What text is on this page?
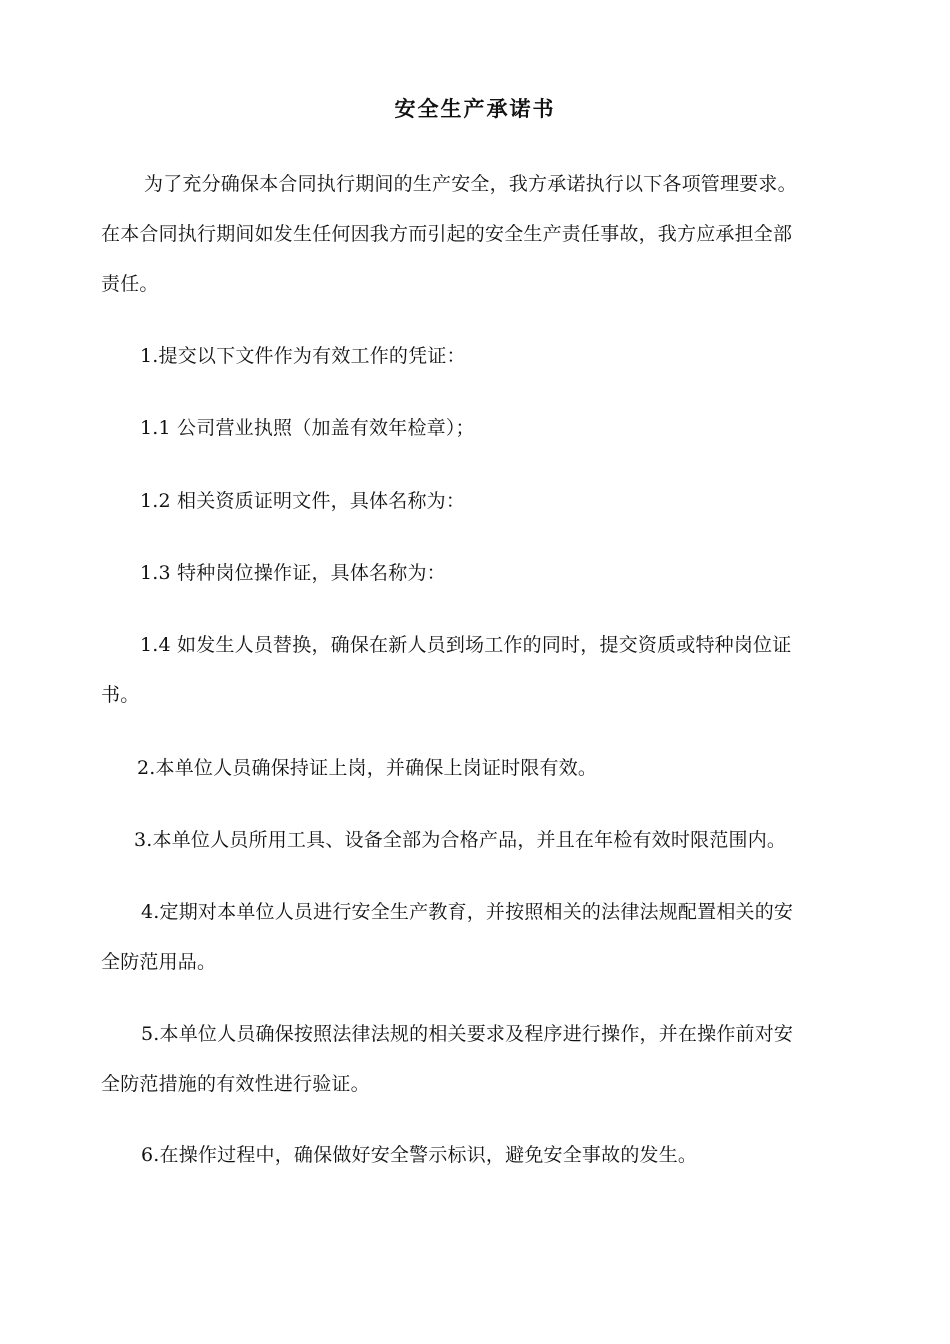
安全生产承诺书
为了充分确保本合同执行期间的生产安全，我方承诺执行以下各项管理要求。
在本合同执行期间如发生任何因我方而引起的安全生产责任事故，我方应承担全部
责任。
1.提交以下文件作为有效工作的凭证：
1.1 公司营业执照（加盖有效年检章）；
1.2 相关资质证明文件，具体名称为：
1.3 特种岗位操作证，具体名称为：
1.4 如发生人员替换，确保在新人员到场工作的同时，提交资质或特种岗位证
书。
2.本单位人员确保持证上岗，并确保上岗证时限有效。
3.本单位人员所用工具、设备全部为合格产品，并且在年检有效时限范围内。
4.定期对本单位人员进行安全生产教育，并按照相关的法律法规配置相关的安
全防范用品。
5.本单位人员确保按照法律法规的相关要求及程序进行操作，并在操作前对安
全防范措施的有效性进行验证。
6.在操作过程中，确保做好安全警示标识，避免安全事故的发生。
